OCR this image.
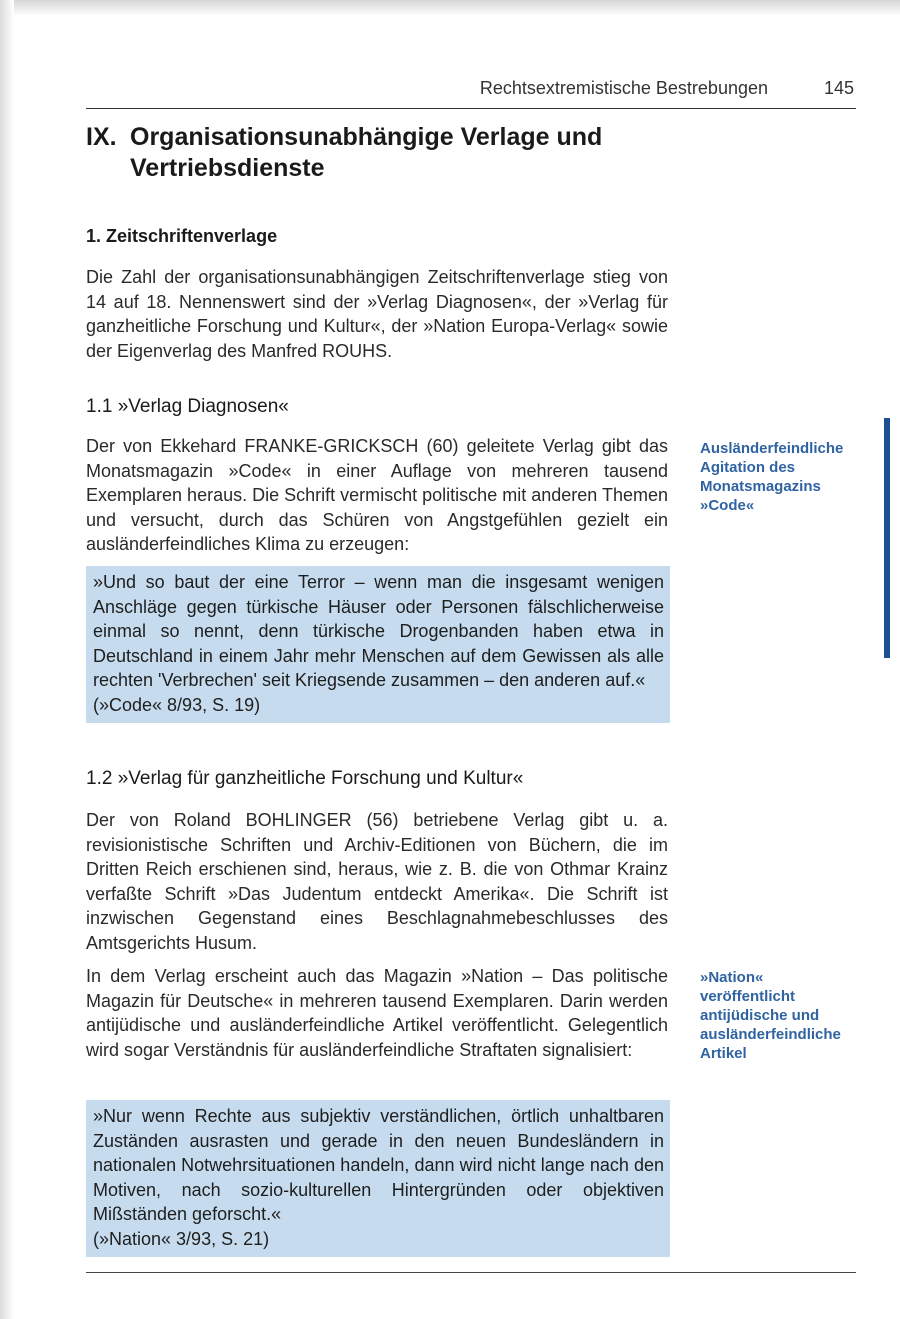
Rechtsextremistische Bestrebungen	145
IX. Organisationsunabhängige Verlage und Vertriebsdienste
1. Zeitschriftenverlage

Die Zahl der organisationsunabhängigen Zeitschriftenverlage stieg von 14 auf 18. Nennenswert sind der »Verlag Diagnosen«, der »Verlag für ganzheitliche Forschung und Kultur«, der »Nation Europa-Verlag« sowie der Eigenverlag des Manfred ROUHS.

1.1 »Verlag Diagnosen«

Der von Ekkehard FRANKE-GRICKSCH (60) geleitete Verlag gibt das Monatsmagazin »Code« in einer Auflage von mehreren tausend Exemplaren heraus. Die Schrift vermischt politische mit anderen Themen und versucht, durch das Schüren von Angstgefühlen gezielt ein ausländerfeindliches Klima zu erzeugen:

Ausländerfeindliche Agitation des Monatsmagazins »Code«
»Und so baut der eine Terror – wenn man die insgesamt wenigen Anschläge gegen türkische Häuser oder Personen fälschlicherweise einmal so nennt, denn türkische Drogenbanden haben etwa in Deutschland in einem Jahr mehr Menschen auf dem Gewissen als alle rechten 'Verbrechen' seit Kriegsende zusammen – den anderen auf.«
(»Code« 8/93, S. 19)
1.2 »Verlag für ganzheitliche Forschung und Kultur«

Der von Roland BOHLINGER (56) betriebene Verlag gibt u. a. revisionistische Schriften und Archiv-Editionen von Büchern, die im Dritten Reich erschienen sind, heraus, wie z. B. die von Othmar Krainz verfaßte Schrift »Das Judentum entdeckt Amerika«. Die Schrift ist inzwischen Gegenstand eines Beschlagnahmebeschlusses des Amtsgerichts Husum.

In dem Verlag erscheint auch das Magazin »Nation – Das politische Magazin für Deutsche« in mehreren tausend Exemplaren. Darin werden antijüdische und ausländerfeindliche Artikel veröffentlicht. Gelegentlich wird sogar Verständnis für ausländerfeindliche Straftaten signalisiert:

»Nation« veröffentlicht antijüdische und ausländerfeindliche Artikel
»Nur wenn Rechte aus subjektiv verständlichen, örtlich unhaltbaren Zuständen ausrasten und gerade in den neuen Bundesländern in nationalen Notwehrsituationen handeln, dann wird nicht lange nach den Motiven, nach sozio-kulturellen Hintergründen oder objektiven Mißständen geforscht.«
(»Nation« 3/93, S. 21)
